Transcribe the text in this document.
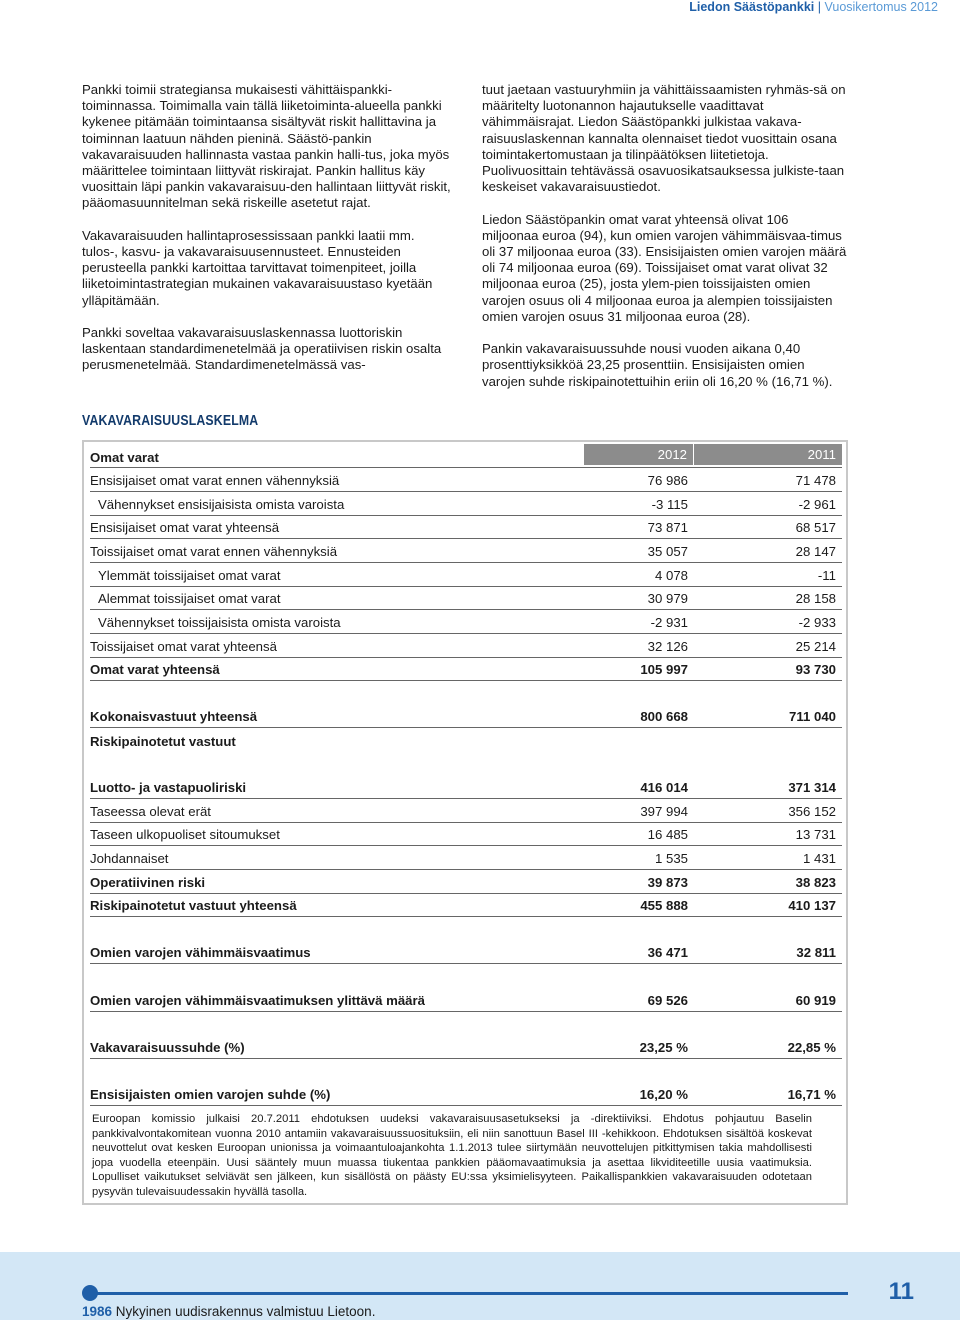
Liedon Säästöpankki | Vuosikertomus 2012

Pankki toimii strategiansa mukaisesti vähittäispankki-toiminnassa. Toimimalla vain tällä liiketoiminta-alueella pankki kykenee pitämään toimintaansa sisältyvät riskit hallittavina ja toiminnan laatuun nähden pieninä. Säästö-pankin vakavaraisuuden hallinnasta vastaa pankin halli-tus, joka myös määrittelee toimintaan liittyvät riskirajat. Pankin hallitus käy vuosittain läpi pankin vakavaraisuu-den hallintaan liittyvät riskit, pääomasuunnitelman sekä riskeille asetetut rajat.

Vakavaraisuuden hallintaprosessissaan pankki laatii mm. tulos-, kasvu- ja vakavaraisuusennusteet. Ennusteiden perusteella pankki kartoittaa tarvittavat toimenpiteet, joilla liiketoimintastrategian mukainen vakavaraisuustaso kyetään ylläpitämään.

Pankki soveltaa vakavaraisuuslaskennassa luottoriskin laskentaan standardimenetelmää ja operatiivisen riskin osalta perusmenetelmää. Standardimenetelmässä vas-

tuut jaetaan vastuuryhmiin ja vähittäissaamisten ryhmäs-sä on määritelty luotonannon hajautukselle vaadittavat vähimmäisrajat. Liedon Säästöpankki julkistaa vakava-raisuuslaskennan kannalta olennaiset tiedot vuosittain osana toimintakertomustaan ja tilinpäätöksen liitetietoja. Puolivuosittain tehtävässä osavuosikatsauksessa julkiste-taan keskeiset vakavaraisuustiedot.

Liedon Säästöpankin omat varat yhteensä olivat 106 miljoonaa euroa (94), kun omien varojen vähimmäisvaa-timus oli 37 miljoonaa euroa (33). Ensisijaisten omien varojen määrä oli 74 miljoonaa euroa (69). Toissijaiset omat varat olivat 32 miljoonaa euroa (25), josta ylem-pien toissijaisten omien varojen osuus oli 4 miljoonaa euroa ja alempien toissijaisten omien varojen osuus 31 miljoonaa euroa (28).

Pankin vakavaraisuussuhde nousi vuoden aikana 0,40 prosenttiyksikköä 23,25 prosenttiin. Ensisijaisten omien varojen suhde riskipainotettuihin eriin oli 16,20 % (16,71 %).

VAKAVARAISUUSLASKELMA
Omat varat	2012	2011
Ensisijaiset omat varat ennen vähennyksiä	76 986	71 478
Vähennykset ensisijaisista omista varoista	-3 115	-2 961
Ensisijaiset omat varat yhteensä	73 871	68 517
Toissijaiset omat varat ennen vähennyksiä	35 057	28 147
Ylemmät toissijaiset omat varat	4 078	-11
Alemmat toissijaiset omat varat	30 979	28 158
Vähennykset toissijaisista omista varoista	-2 931	-2 933
Toissijaiset omat varat yhteensä	32 126	25 214
Omat varat yhteensä	105 997	93 730
Kokonaisvastuut yhteensä	800 668	711 040
Riskipainotetut vastuut
Luotto- ja vastapuoliriski	416 014	371 314
Taseessa olevat erät	397 994	356 152
Taseen ulkopuoliset sitoumukset	16 485	13 731
Johdannaiset	1 535	1 431
Operatiivinen riski	39 873	38 823
Riskipainotetut vastuut yhteensä	455 888	410 137
Omien varojen vähimmäisvaatimus	36 471	32 811
Omien varojen vähimmäisvaatimuksen ylittävä määrä	69 526	60 919
Vakavaraisuussuhde (%)	23,25 %	22,85 %
Ensisijaisten omien varojen suhde (%)	16,20 %	16,71 %
Euroopan komissio julkaisi 20.7.2011 ehdotuksen uudeksi vakavaraisuusasetukseksi ja -direktiiviksi. Ehdotus pohjautuu Baselin pankkivalvontakomitean vuonna 2010 antamiin vakavaraisuussuosituksiin, eli niin sanottuun Basel III -kehikkoon. Ehdotuksen sisältöä koskevat neuvottelut ovat kesken Euroopan unionissa ja voimaantuloajankohta 1.1.2013 tulee siirtymään neuvottelujen pitkittymisen takia mahdollisesti jopa vuodella eteenpäin. Uusi sääntely muun muassa tiukentaa pankkien pääomavaatimuksia ja asettaa likviditeetille uusia vaatimuksia. Lopulliset vaikutukset selviävät sen jälkeen, kun sisällöstä on päästy EU:ssa yksimielisyyteen. Paikallispankkien vakavaraisuuden odotetaan pysyvän tulevaisuudessakin hyvällä tasolla.
1986 Nykyinen uudisrakennus valmistuu Lietoon.
11
